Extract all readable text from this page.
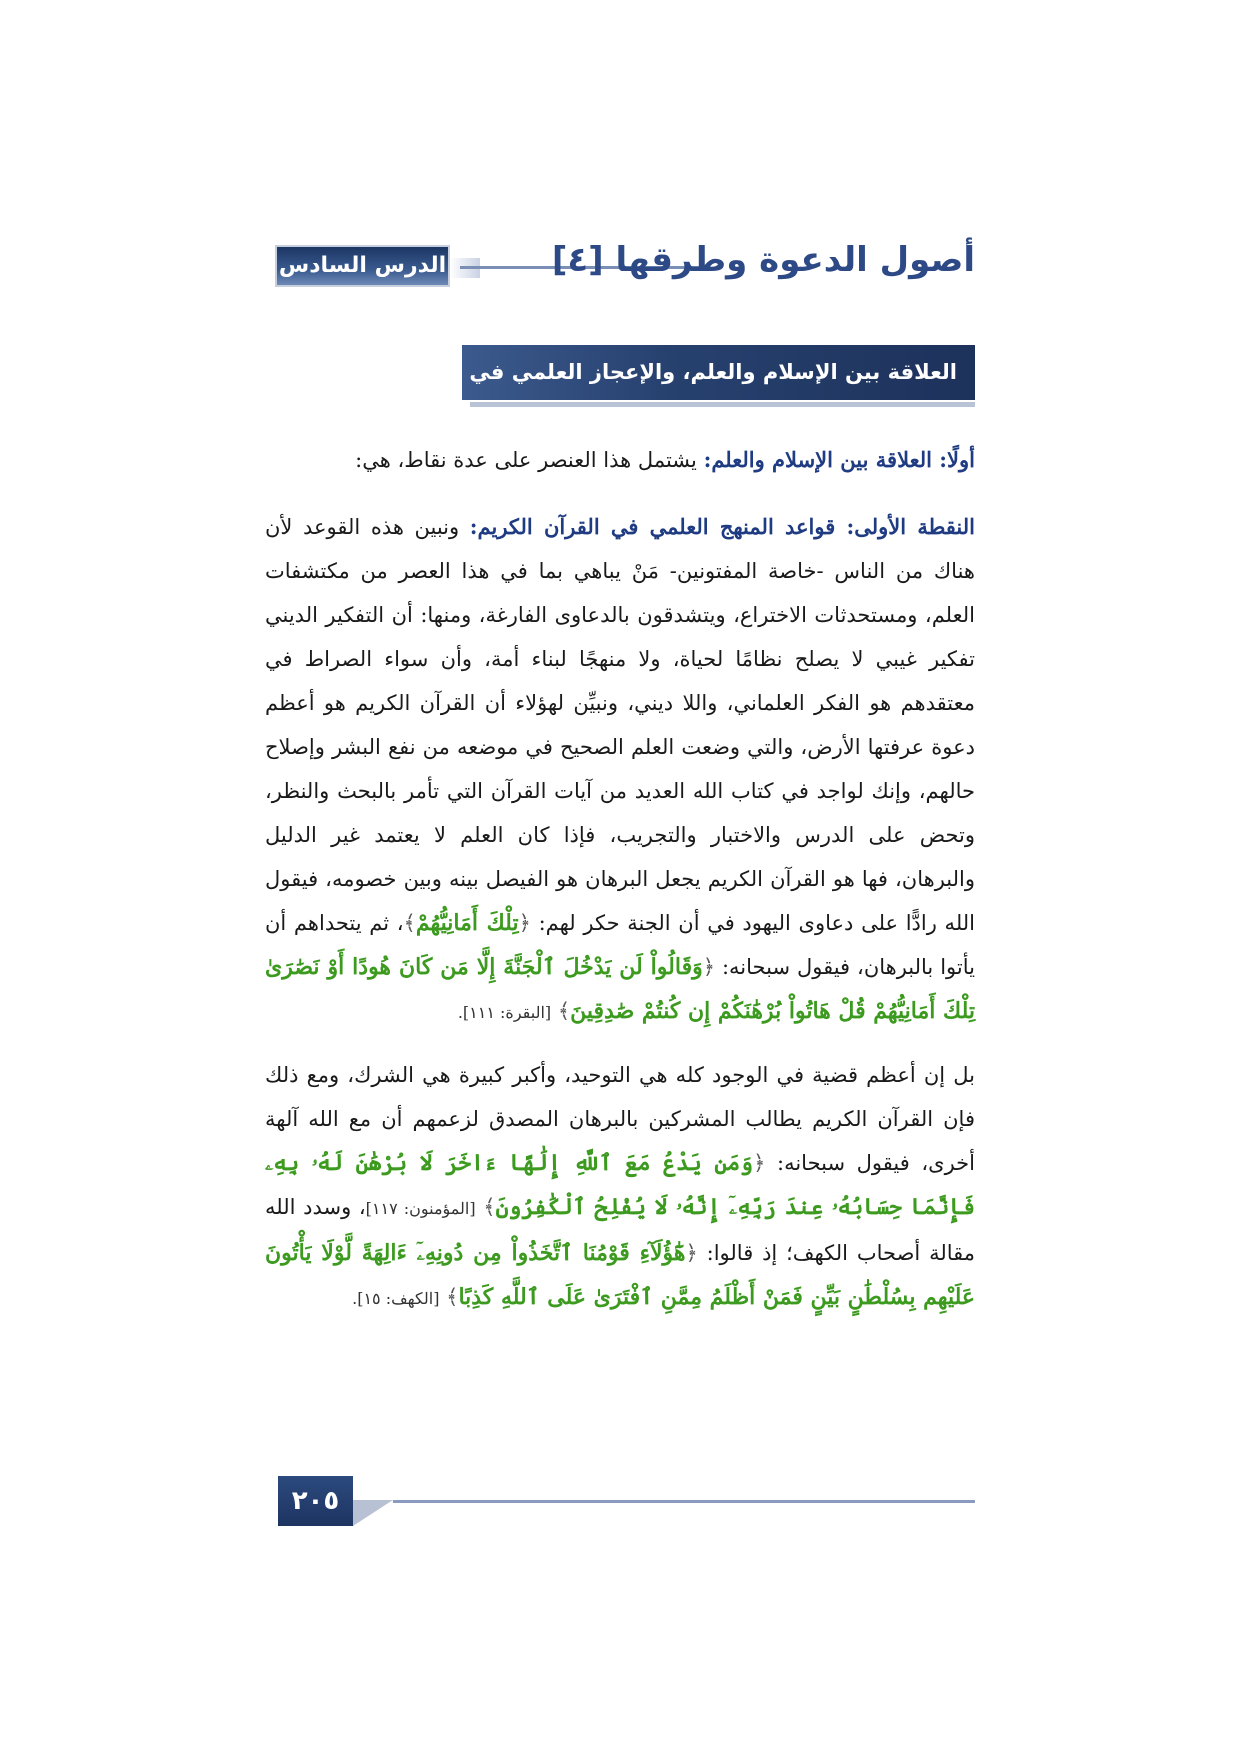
أصول الدعوة وطرقها [٤]
الدرس السادس
العلاقة بين الإسلام والعلم، والإعجاز العلمي في القرآن الكريم
أولًا: العلاقة بين الإسلام والعلم: يشتمل هذا العنصر على عدة نقاط، هي:
النقطة الأولى: قواعد المنهج العلمي في القرآن الكريم: ونبين هذه القوعد لأن هناك من الناس -خاصة المفتونين- مَنْ يباهي بما في هذا العصر من مكتشفات العلم، ومستحدثات الاختراع، ويتشدقون بالدعاوى الفارغة، ومنها: أن التفكير الديني تفكير غيبي لا يصلح نظامًا لحياة، ولا منهجًا لبناء أمة، وأن سواء الصراط في معتقدهم هو الفكر العلماني، واللا ديني، ونبيِّن لهؤلاء أن القرآن الكريم هو أعظم دعوة عرفتها الأرض، والتي وضعت العلم الصحيح في موضعه من نفع البشر وإصلاح حالهم، وإنك لواجد في كتاب الله العديد من آيات القرآن التي تأمر بالبحث والنظر، وتحض على الدرس والاختبار والتجريب، فإذا كان العلم لا يعتمد غير الدليل والبرهان، فها هو القرآن الكريم يجعل البرهان هو الفيصل بينه وبين خصومه، فيقول الله رادًّا على دعاوى اليهود في أن الجنة حكر لهم: ﴿تِلْكَ أَمَانِيُّهُمْ﴾، ثم يتحداهم أن يأتوا بالبرهان، فيقول سبحانه: ﴿وَقَالُواْ لَن يَدْخُلَ ٱلْجَنَّةَ إِلَّا مَن كَانَ هُودًا أَوْ نَصَٰرَىٰ تِلْكَ أَمَانِيُّهُمْ قُلْ هَاتُواْ بُرْهَٰنَكُمْ إِن كُنتُمْ صَٰدِقِينَ﴾ [البقرة: ١١١].
بل إن أعظم قضية في الوجود كله هي التوحيد، وأكبر كبيرة هي الشرك، ومع ذلك فإن القرآن الكريم يطالب المشركين بالبرهان المصدق لزعمهم أن مع الله آلهة أخرى، فيقول سبحانه: ﴿وَمَن يَدْعُ مَعَ ٱللَّهِ إِلَٰهًا ءَاخَرَ لَا بُرْهَٰنَ لَهُۥ بِهِۦ فَإِنَّمَا حِسَابُهُۥ عِندَ رَبِّهِۦٓ إِنَّهُۥ لَا يُفْلِحُ ٱلْكَٰفِرُونَ﴾ [المؤمنون: ١١٧]، وسدد الله مقالة أصحاب الكهف؛ إذ قالوا: ﴿هَٰٓؤُلَآءِ قَوْمُنَا ٱتَّخَذُواْ مِن دُونِهِۦٓ ءَالِهَةً لَّوْلَا يَأْتُونَ عَلَيْهِم بِسُلْطَٰنٍ بَيِّنٍ فَمَنْ أَظْلَمُ مِمَّنِ ٱفْتَرَىٰ عَلَى ٱللَّهِ كَذِبًا﴾ [الكهف: ١٥].
٢٠٥
